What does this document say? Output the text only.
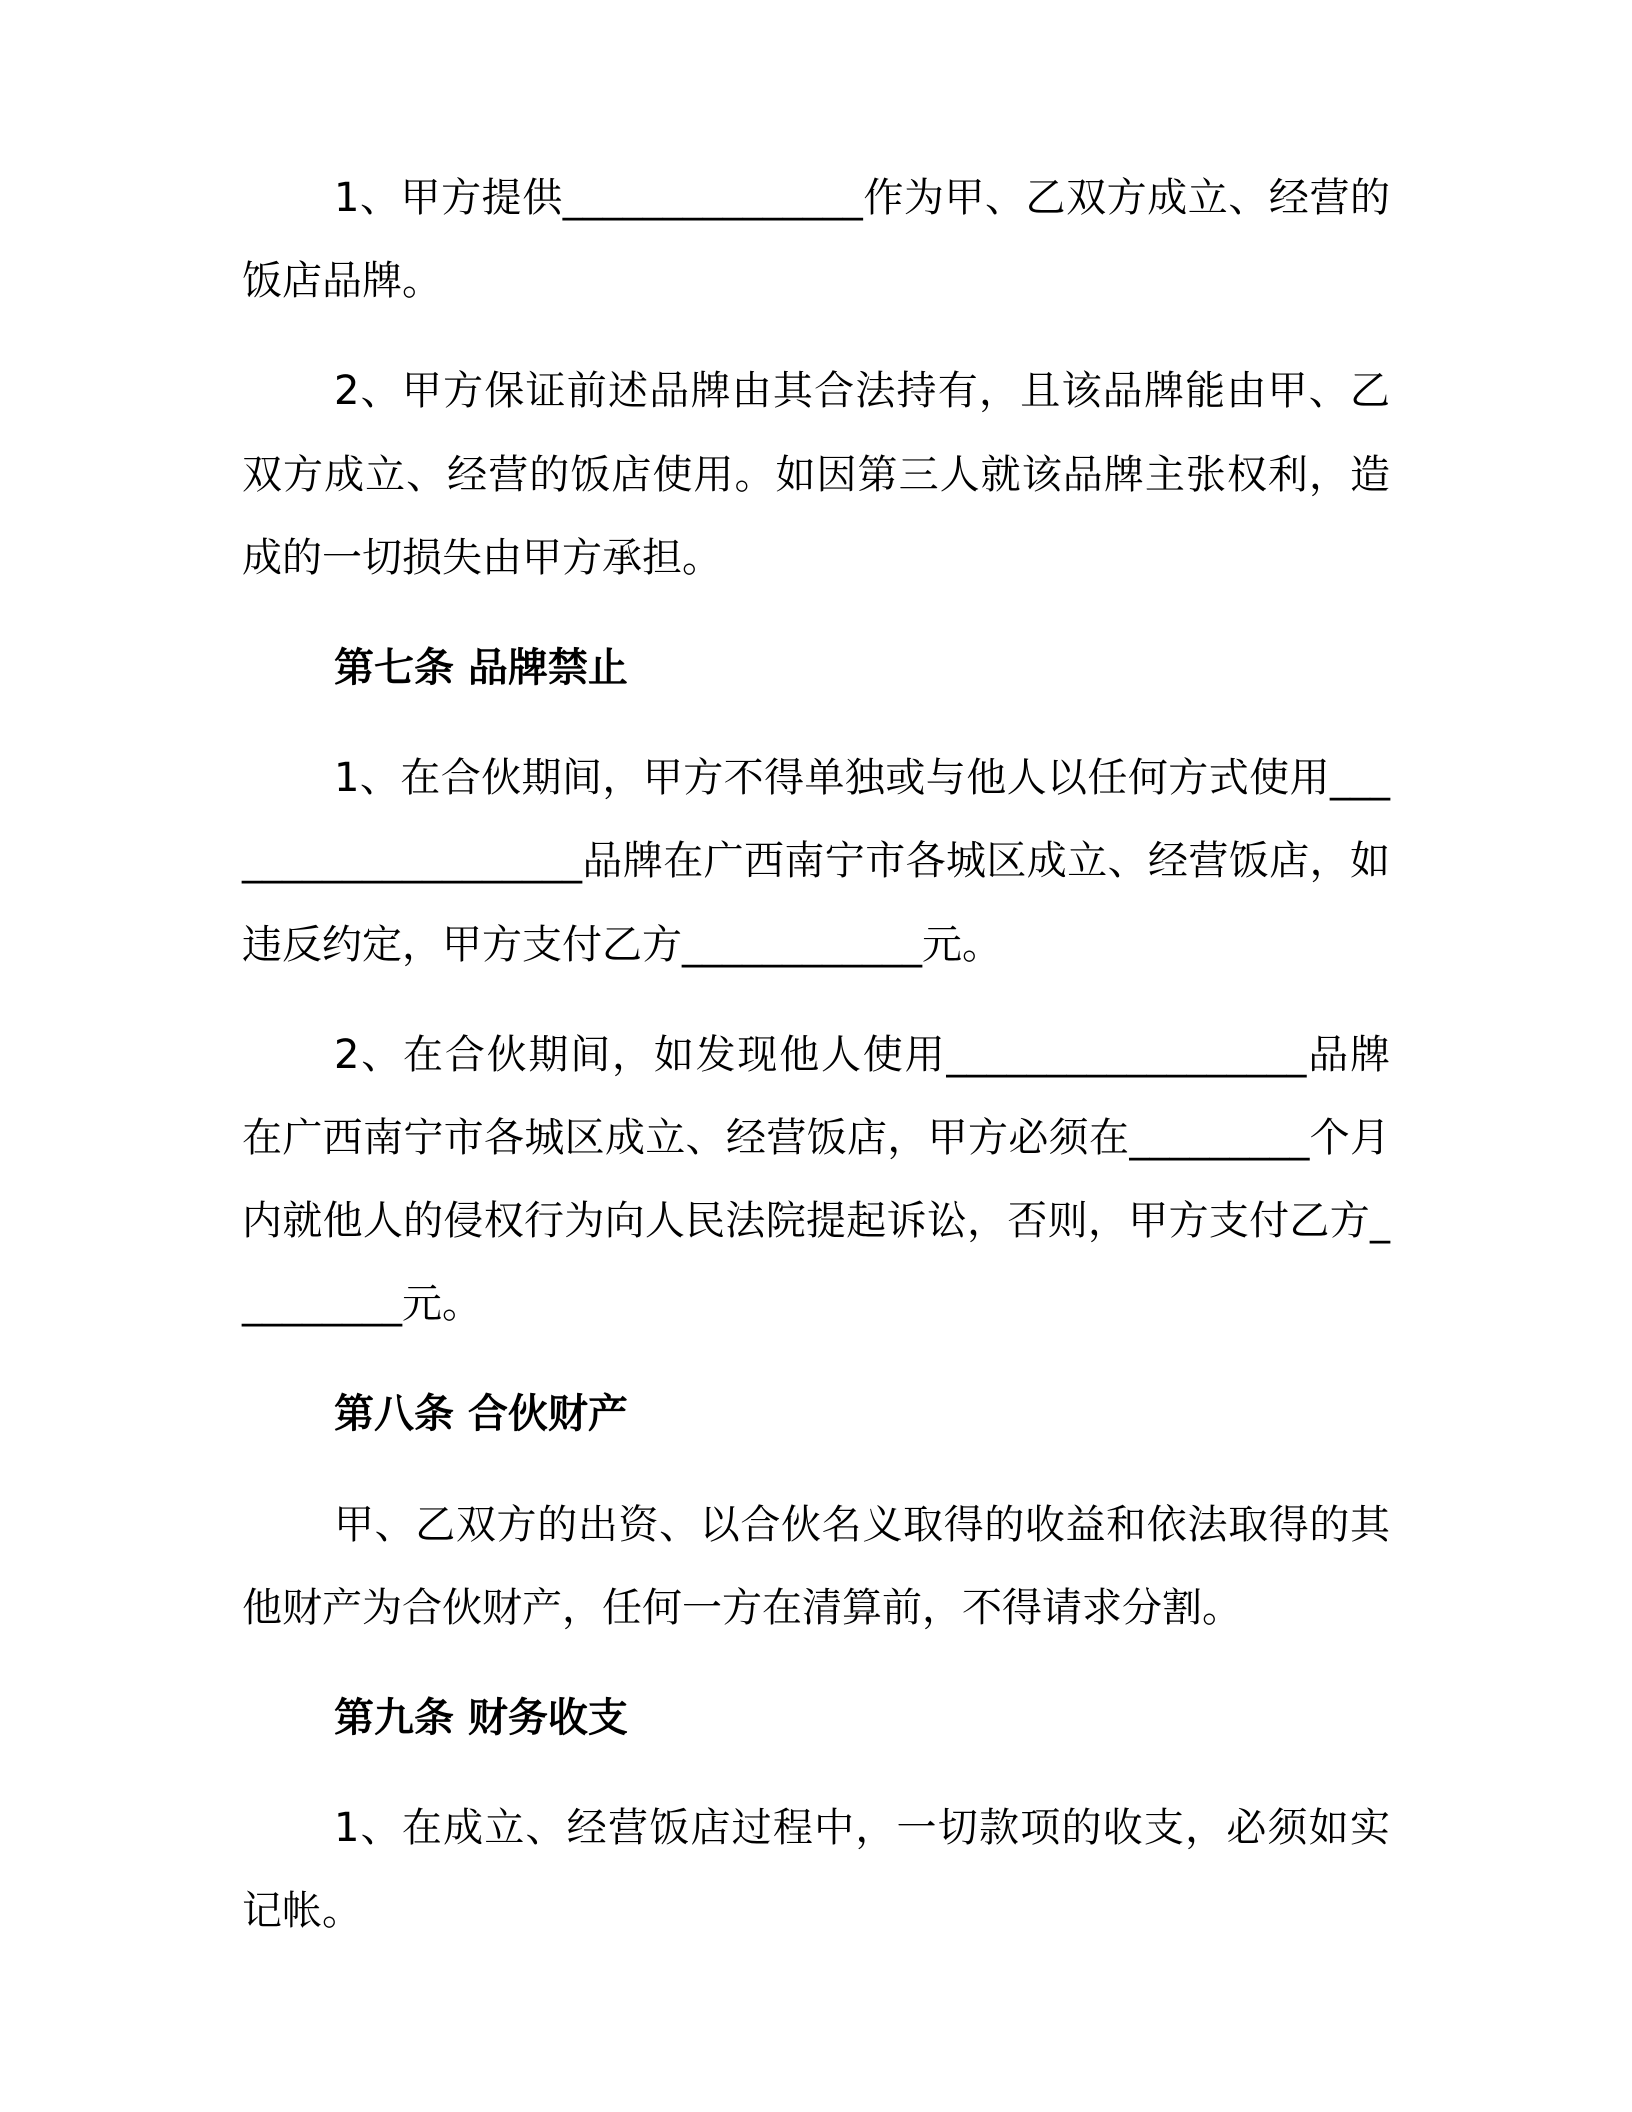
1、甲方提供_______________作为甲、乙双方成立、经营的饭店品牌。

2、甲方保证前述品牌由其合法持有，且该品牌能由甲、乙双方成立、经营的饭店使用。如因第三人就该品牌主张权利，造成的一切损失由甲方承担。

第七条 品牌禁止

1、在合伙期间，甲方不得单独或与他人以任何方式使用____________________品牌在广西南宁市各城区成立、经营饭店，如违反约定，甲方支付乙方____________元。

2、在合伙期间，如发现他人使用__________________品牌在广西南宁市各城区成立、经营饭店，甲方必须在_________个月内就他人的侵权行为向人民法院提起诉讼，否则，甲方支付乙方_________元。

第八条 合伙财产

甲、乙双方的出资、以合伙名义取得的收益和依法取得的其他财产为合伙财产，任何一方在清算前，不得请求分割。

第九条 财务收支

1、在成立、经营饭店过程中，一切款项的收支，必须如实记帐。
